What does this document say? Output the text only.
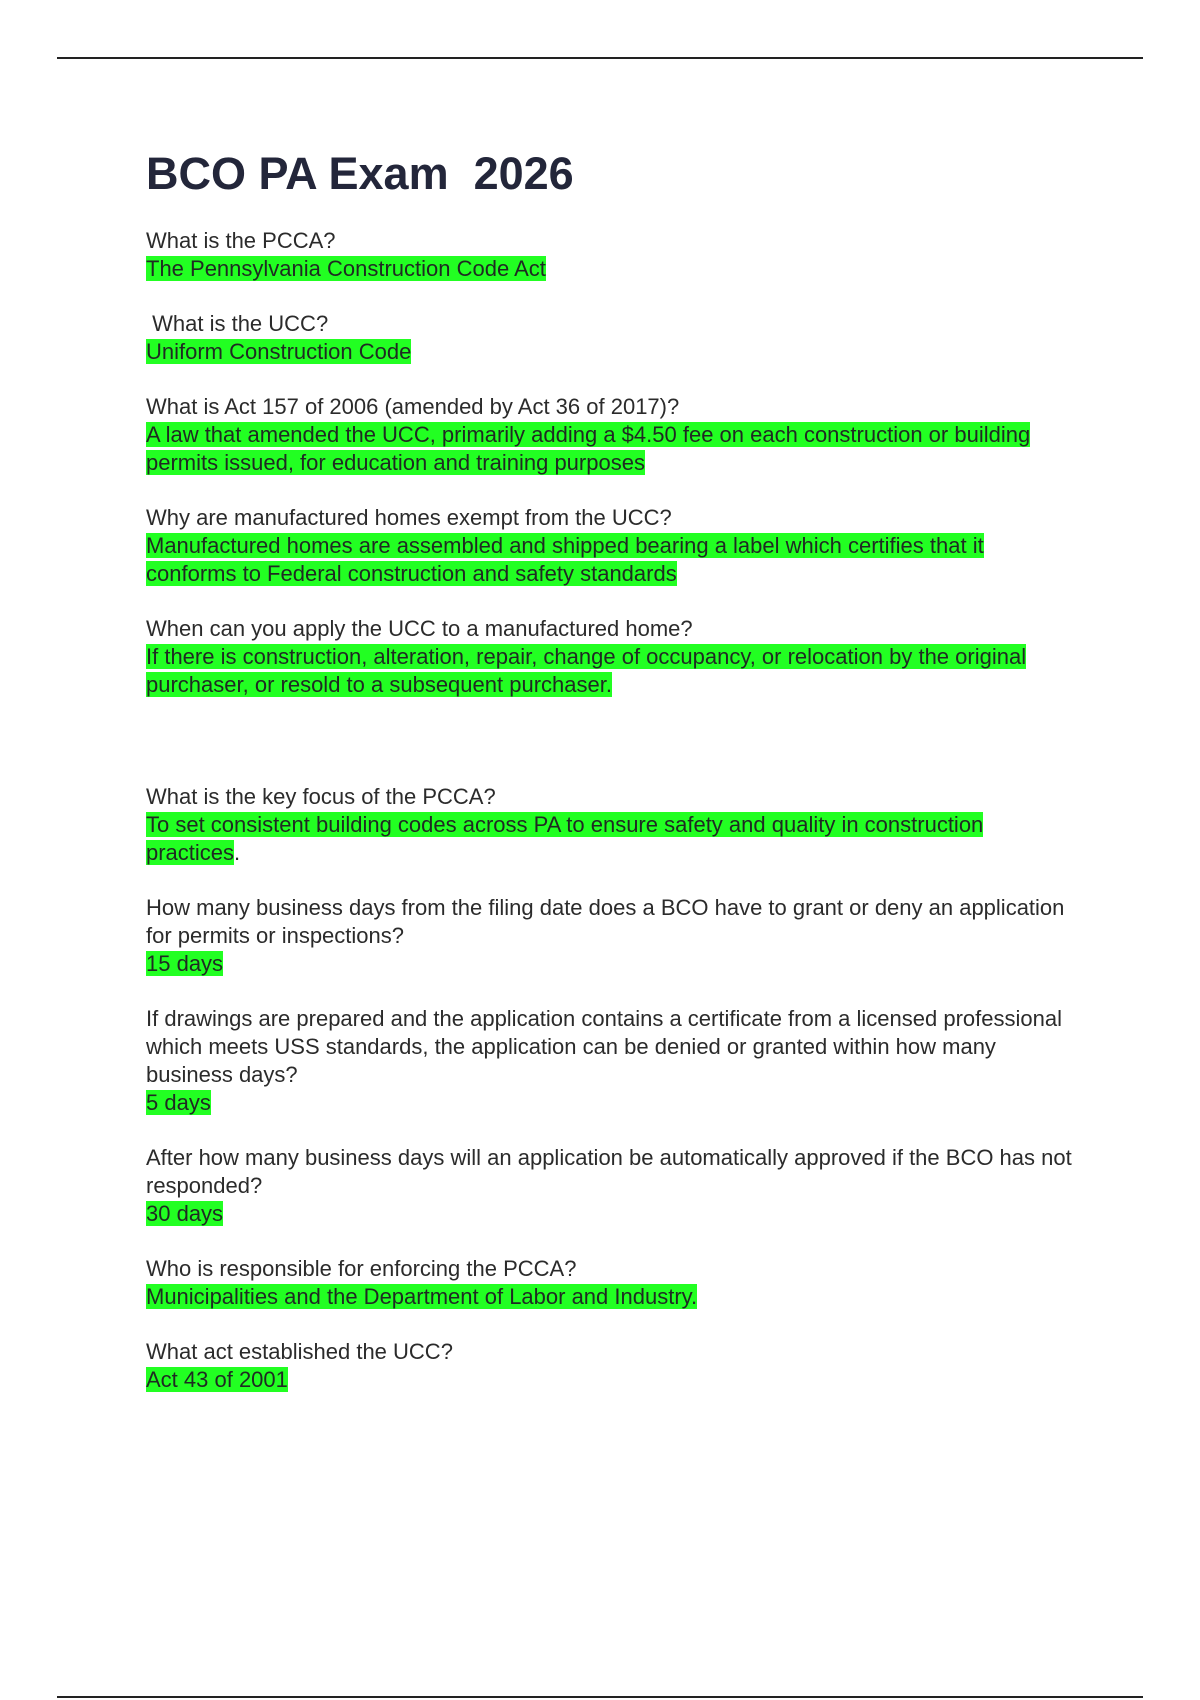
BCO PA Exam  2026
What is the PCCA?
The Pennsylvania Construction Code Act
What is the UCC?
Uniform Construction Code
What is Act 157 of 2006 (amended by Act 36 of 2017)?
A law that amended the UCC, primarily adding a $4.50 fee on each construction or building permits issued, for education and training purposes
Why are manufactured homes exempt from the UCC?
Manufactured homes are assembled and shipped bearing a label which certifies that it conforms to Federal construction and safety standards
When can you apply the UCC to a manufactured home?
If there is construction, alteration, repair, change of occupancy, or relocation by the original purchaser, or resold to a subsequent purchaser.
What is the key focus of the PCCA?
To set consistent building codes across PA to ensure safety and quality in construction practices.
How many business days from the filing date does a BCO have to grant or deny an application for permits or inspections?
15 days
If drawings are prepared and the application contains a certificate from a licensed professional which meets USS standards, the application can be denied or granted within how many business days?
5 days
After how many business days will an application be automatically approved if the BCO has not responded?
30 days
Who is responsible for enforcing the PCCA?
Municipalities and the Department of Labor and Industry.
What act established the UCC?
Act 43 of 2001
